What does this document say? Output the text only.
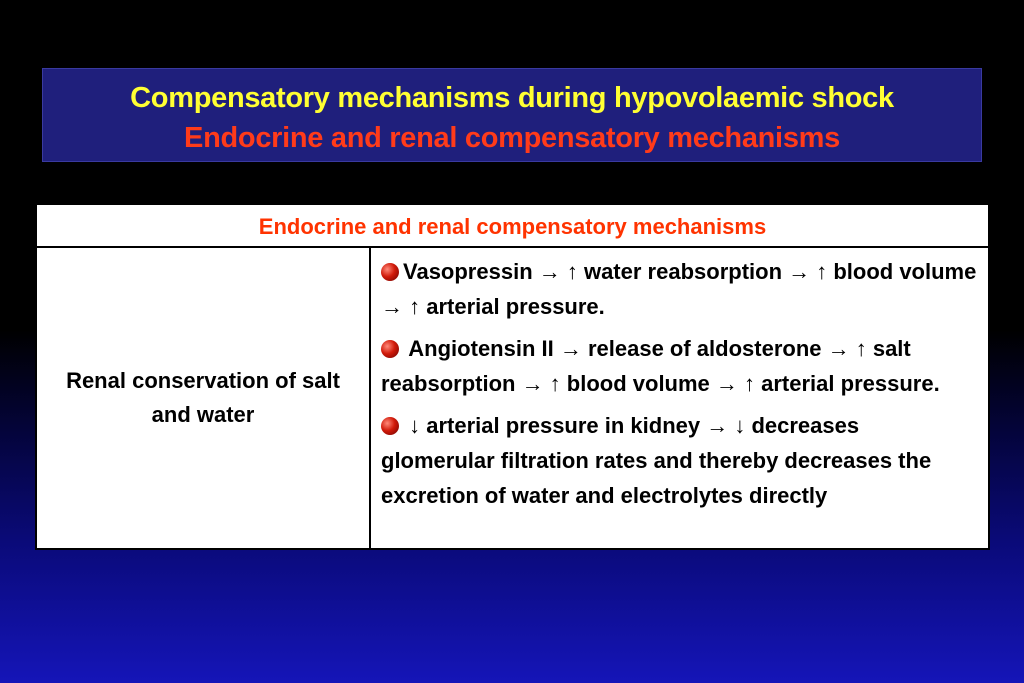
Compensatory mechanisms during hypovolaemic shock
Endocrine and renal compensatory mechanisms
Endocrine and renal compensatory mechanisms
Renal conservation of salt and water
Vasopressin → ↑ water reabsorption → ↑ blood volume → ↑ arterial pressure.
Angiotensin II → release of aldosterone → ↑ salt reabsorption → ↑ blood volume → ↑ arterial pressure.
↓ arterial pressure in kidney → ↓ decreases glomerular filtration rates and thereby decreases the excretion of water and electrolytes directly
